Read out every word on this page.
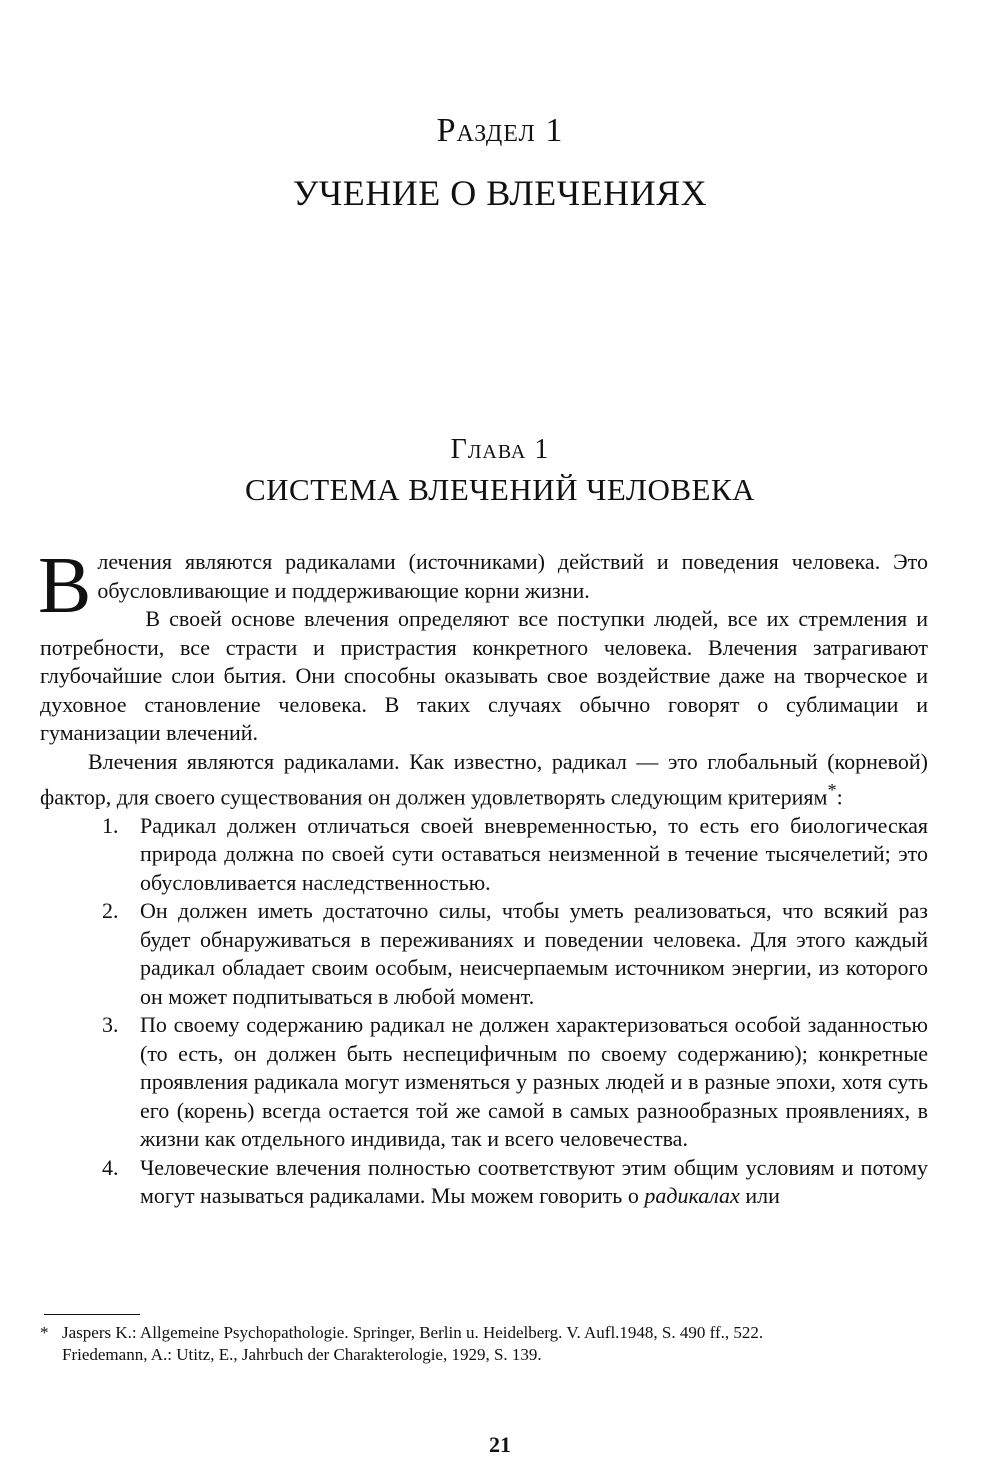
Раздел 1
УЧЕНИЕ О ВЛЕЧЕНИЯХ
Глава 1
СИСТЕМА ВЛЕЧЕНИЙ ЧЕЛОВЕКА

Влечения являются радикалами (источниками) действий и поведения человека. Это обусловливающие и поддерживающие корни жизни.

В своей основе влечения определяют все поступки людей, все их стремления и потребности, все страсти и пристрастия конкретного человека. Влечения затрагивают глубочайшие слои бытия. Они способны оказывать свое воздействие даже на творческое и духовное становление человека. В таких случаях обычно говорят о сублимации и гуманизации влечений.

Влечения являются радикалами. Как известно, радикал — это глобальный (корневой) фактор, для своего существования он должен удовлетворять следующим критериям*:

1. Радикал должен отличаться своей вневременностью, то есть его биологическая природа должна по своей сути оставаться неизменной в течение тысячелетий; это обусловливается наследственностью.
2. Он должен иметь достаточно силы, чтобы уметь реализоваться, что всякий раз будет обнаруживаться в переживаниях и поведении человека. Для этого каждый радикал обладает своим особым, неисчерпаемым источником энергии, из которого он может подпитываться в любой момент.
3. По своему содержанию радикал не должен характеризоваться особой заданностью (то есть, он должен быть неспецифичным по своему содержанию); конкретные проявления радикала могут изменяться у разных людей и в разные эпохи, хотя суть его (корень) всегда остается той же самой в самых разнообразных проявлениях, в жизни как отдельного индивида, так и всего человечества.
4. Человеческие влечения полностью соответствуют этим общим условиям и потому могут называться радикалами. Мы можем говорить о радикалах или
* Jaspers K.: Allgemeine Psychopathologie. Springer, Berlin u. Heidelberg. V. Aufl.1948, S. 490 ff., 522.
Friedemann, A.: Utitz, E., Jahrbuch der Charakterologie, 1929, S. 139.
21
